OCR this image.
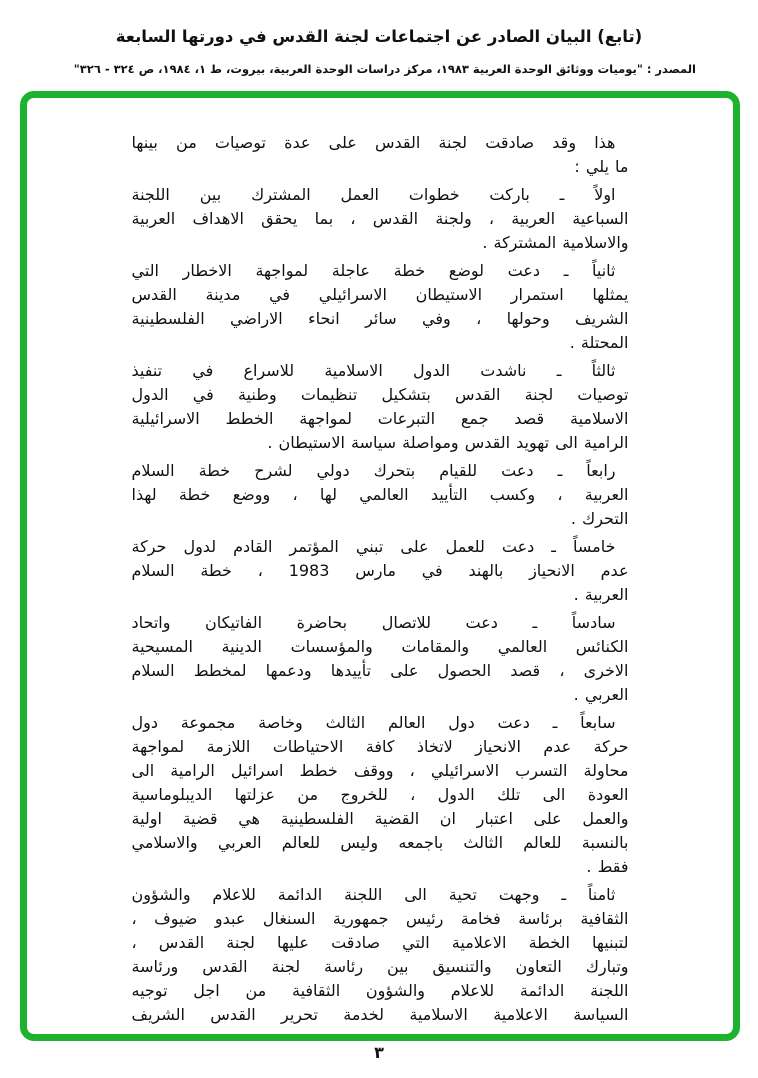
(تابع) البيان الصادر عن اجتماعات لجنة القدس في دورتها السابعة
المصدر : "يوميات ووثائق الوحدة العربية ١٩٨٣، مركز دراسات الوحدة العربية، بيروت، ط ١، ١٩٨٤، ص ٣٢٤ - ٣٢٦"
هذا وقد صادقت لجنة القدس على عدة توصيات من بينها
ما يلي :
اولاً ـ باركت خطوات العمل المشترك بين اللجنة
السباعية العربية ، ولجنة القدس ، بما يحقق الاهداف العربية
والاسلامية المشتركة .
ثانياً ـ دعت لوضع خطة عاجلة لمواجهة الاخطار التي
يمثلها استمرار الاستيطان الاسرائيلي في مدينة القدس
الشريف وحولها ، وفي سائر انحاء الاراضي الفلسطينية
المحتلة .
ثالثاً ـ ناشدت الدول الاسلامية للاسراع في تنفيذ
توصيات لجنة القدس بتشكيل تنظيمات وطنية في الدول
الاسلامية قصد جمع التبرعات لمواجهة الخطط الاسرائيلية
الرامية الى تهويد القدس ومواصلة سياسة الاستيطان .
رابعاً ـ دعت للقيام بتحرك دولي لشرح خطة السلام
العربية ، وكسب التأييد العالمي لها ، ووضع خطة لهذا
التحرك .
خامساً ـ دعت للعمل على تبني المؤتمر القادم لدول حركة
عدم الانحياز بالهند في مارس 1983 ، خطة السلام
العربية .
سادساً ـ دعت للاتصال بحاضرة الفاتيكان واتحاد
الكنائس العالمي والمقامات والمؤسسات الدينية المسيحية
الاخرى ، قصد الحصول على تأييدها ودعمها لمخطط السلام
العربي .
سابعاً ـ دعت دول العالم الثالث وخاصة مجموعة دول
حركة عدم الانحياز لاتخاذ كافة الاحتياطات اللازمة لمواجهة
محاولة التسرب الاسرائيلي ، ووقف خطط اسرائيل الرامية الى
العودة الى تلك الدول ، للخروج من عزلتها الديبلوماسية
والعمل على اعتبار ان القضية الفلسطينية هي قضية اولية
بالنسبة للعالم الثالث باجمعه وليس للعالم العربي والاسلامي
فقط .
ثامناً ـ وجهت تحية الى اللجنة الدائمة للاعلام والشؤون
الثقافية برئاسة فخامة رئيس جمهورية السنغال عبدو ضيوف ،
لتبنيها الخطة الاعلامية التي صادقت عليها لجنة القدس ،
وتبارك التعاون والتنسيق بين رئاسة لجنة القدس ورئاسة
اللجنة الدائمة للاعلام والشؤون الثقافية من اجل توجيه
السياسة الاعلامية الاسلامية لخدمة تحرير القدس الشريف
٣
